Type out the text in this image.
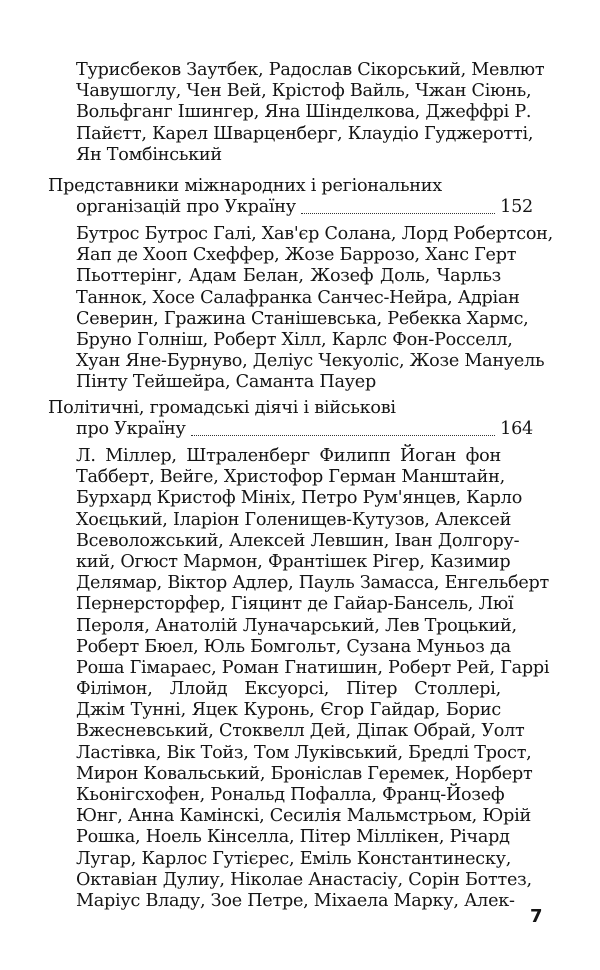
Турисбеков Заутбек, Радослав Сікорський, Мевлют
Чавушоглу, Чен Вей, Крістоф Вайль, Чжан Сіюнь,
Вольфганг Ішингер, Яна Шінделкова, Джеффрі Р.
Пайєтт, Карел Шварценберг, Клаудіо Гуджеротті,
Ян Томбінський
Представники міжнародних і регіональних
організацій про Україну	152
Бутрос Бутрос Галі, Хав'єр Солана, Лорд Робертсон,
Яап де Хооп Схеффер, Жозе Баррозо, Ханс Герт
Пьоттерінг, Адам Белан, Жозеф Доль, Чарльз
Таннок, Хосе Салафранка Санчес-Нейра, Адріан
Северин, Гражина Станішевська, Ребекка Хармс,
Бруно Голніш, Роберт Хілл, Карлс Фон-Росселл,
Хуан Яне-Бурнуво, Деліус Чекуоліс, Жозе Мануель
Пінту Тейшейра, Саманта Пауер
Політичні, громадські діячі і військові
про Україну	164
Л. Міллер, Штраленберг Филипп Йоган фон
Табберт, Вейге, Христофор Герман Манштайн,
Бурхард Кристоф Мініх, Петро Рум'янцев, Карло
Хоєцький, Іларіон Голенищев-Кутузов, Алексей
Всеволожський, Алексей Левшин, Іван Долгору-
кий, Огюст Мармон, Франтішек Рігер, Казимир
Делямар, Віктор Адлер, Пауль Замасса, Енгельберт
Пернерсторфер, Гіяцинт де Гайар-Бансель, Люї
Пероля, Анатолій Луначарський, Лев Троцький,
Роберт Бюел, Юль Бомгольт, Сузана Муньоз да
Роша Гімараес, Роман Гнатишин, Роберт Рей, Гаррі
Філімон, Ллойд Ексуорсі, Пітер Столлері,
Джім Тунні, Яцек Куронь, Єгор Гайдар, Борис
Вжесневський, Стоквелл Дей, Діпак Обрай, Уолт
Ластівка, Вік Тойз, Том Луківський, Бредлі Трост,
Мирон Ковальський, Броніслав Геремек, Норберт
Кьонігсхофен, Рональд Пофалла, Франц-Йозеф
Юнг, Анна Камінскі, Сесилія Мальмстрьом, Юрій
Рошка, Ноель Кінселла, Пітер Міллікен, Річард
Лугар, Карлос Гутієрес, Еміль Константинеску,
Октавіан Дулиу, Ніколае Анастасіу, Сорін Боттез,
Маріус Владу, Зое Петре, Міхаела Марку, Алек-
7
